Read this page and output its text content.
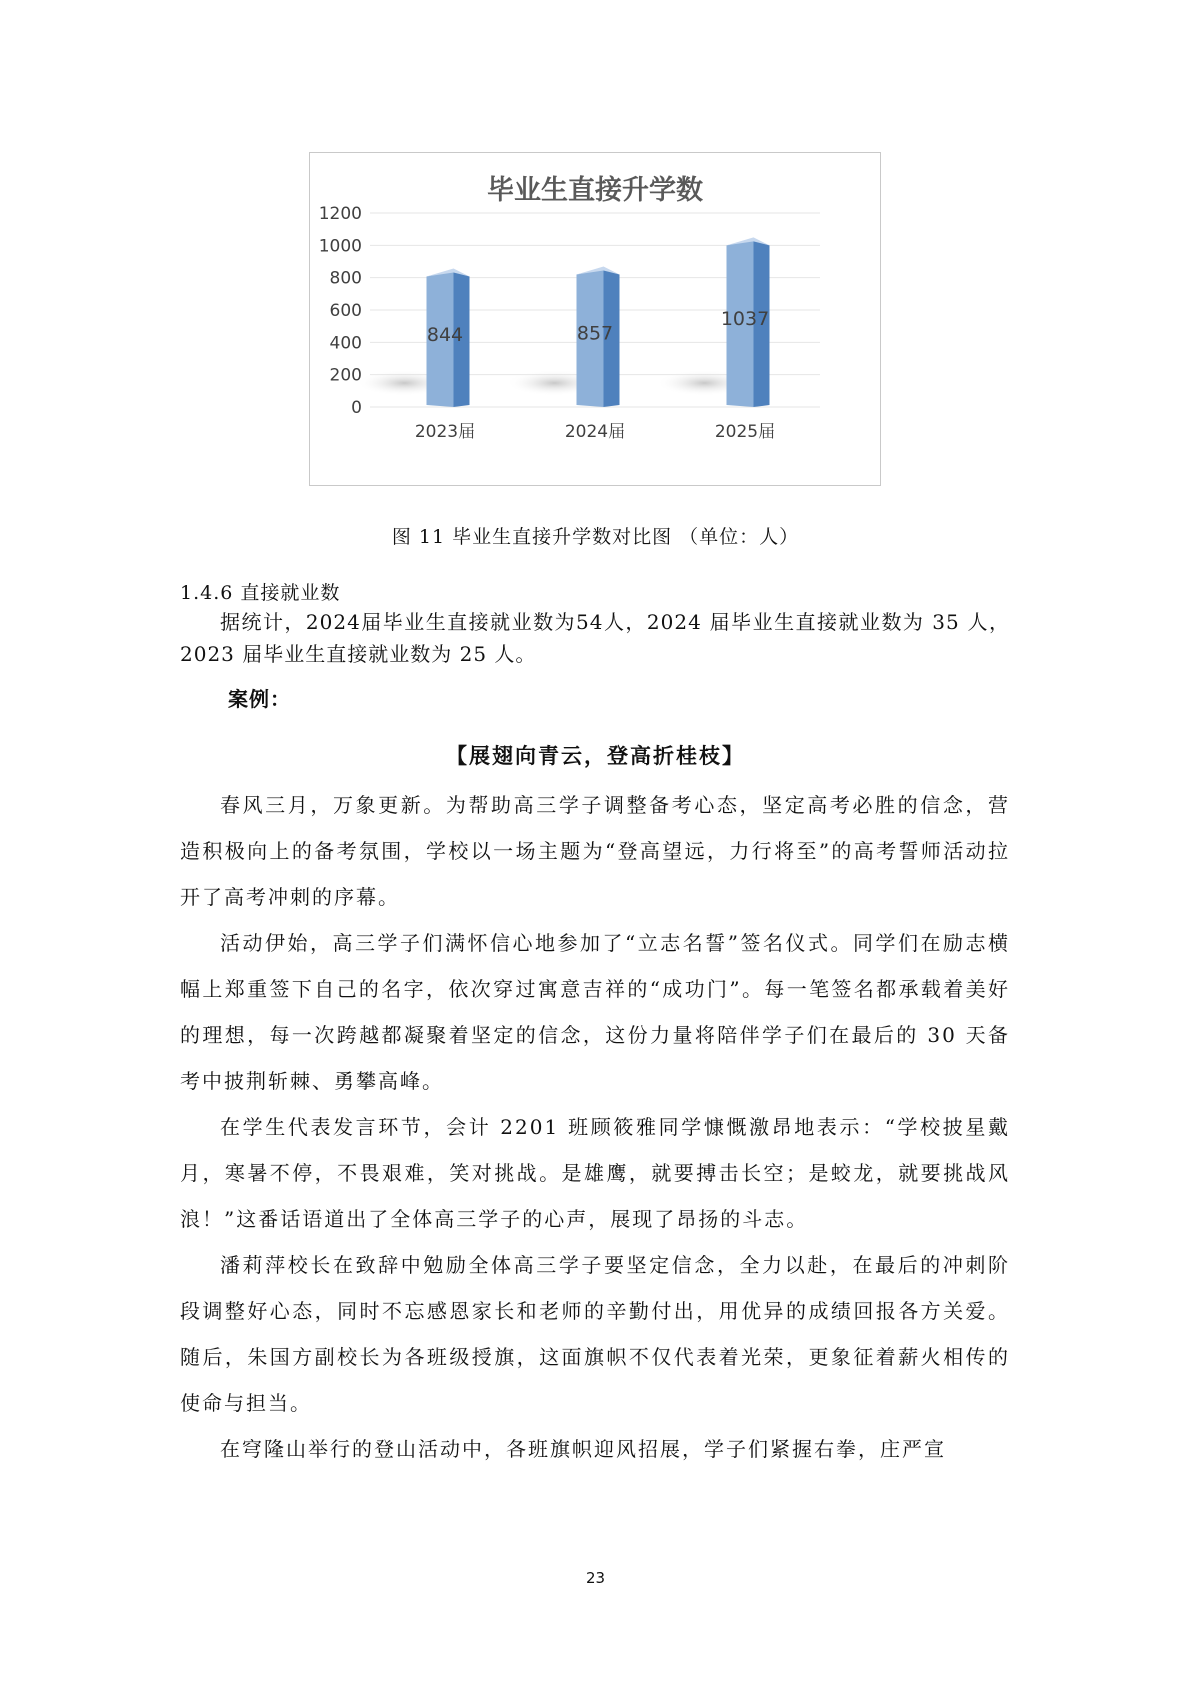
毕业生直接升学数
0
200
400
600
800
1000
1200
844
2023届
857
2024届
1037
2025届
图 11 毕业生直接升学数对比图 （单位：人）
1.4.6 直接就业数

据统计，2024届毕业生直接就业数为54人，2024 届毕业生直接就业数为 35 人，2023 届毕业生直接就业数为 25 人。

案例：
【展翅向青云，登高折桂枝】

春风三月，万象更新。为帮助高三学子调整备考心态，坚定高考必胜的信念，营造积极向上的备考氛围，学校以一场主题为“登高望远，力行将至”的高考誓师活动拉开了高考冲刺的序幕。

活动伊始，高三学子们满怀信心地参加了“立志名誓”签名仪式。同学们在励志横幅上郑重签下自己的名字，依次穿过寓意吉祥的“成功门”。每一笔签名都承载着美好的理想，每一次跨越都凝聚着坚定的信念，这份力量将陪伴学子们在最后的 30 天备考中披荆斩棘、勇攀高峰。

在学生代表发言环节，会计 2201 班顾筱雅同学慷慨激昂地表示：“学校披星戴月，寒暑不停，不畏艰难，笑对挑战。是雄鹰，就要搏击长空；是蛟龙，就要挑战风浪！”这番话语道出了全体高三学子的心声，展现了昂扬的斗志。

潘莉萍校长在致辞中勉励全体高三学子要坚定信念，全力以赴，在最后的冲刺阶段调整好心态，同时不忘感恩家长和老师的辛勤付出，用优异的成绩回报各方关爱。随后，朱国方副校长为各班级授旗，这面旗帜不仅代表着光荣，更象征着薪火相传的使命与担当。

在穹隆山举行的登山活动中，各班旗帜迎风招展，学子们紧握右拳，庄严宣

23
